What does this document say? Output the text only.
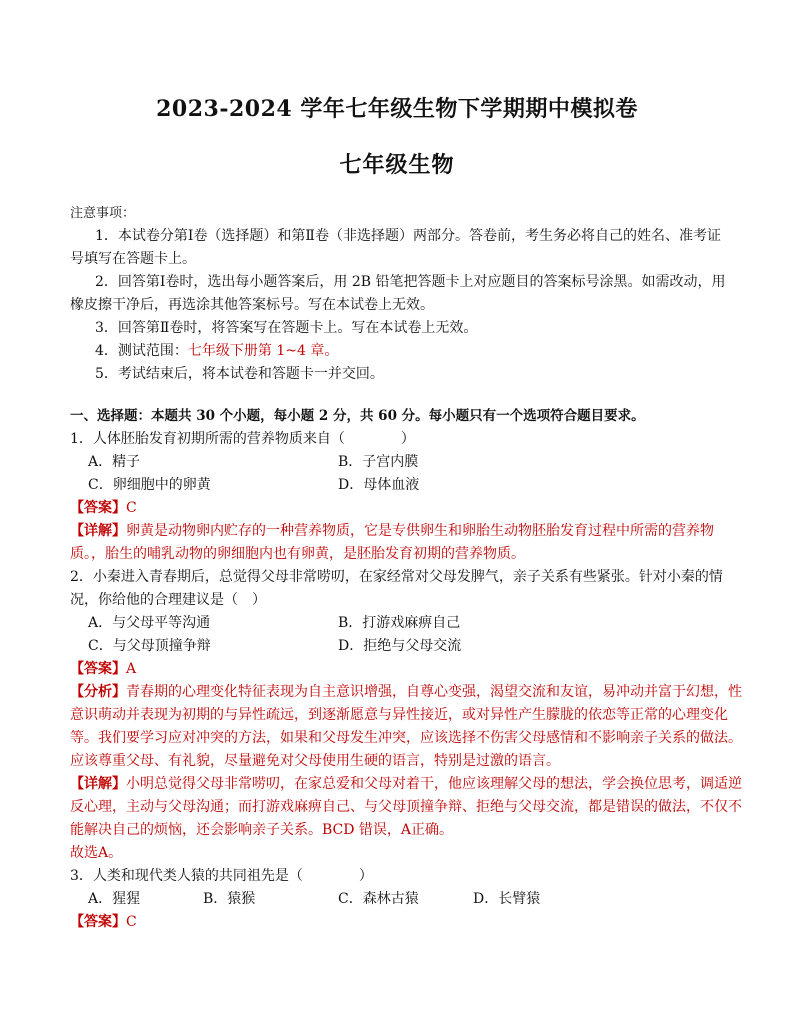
2023-2024 学年七年级生物下学期期中模拟卷
七年级生物
注意事项：
1．本试卷分第Ⅰ卷（选择题）和第Ⅱ卷（非选择题）两部分。答卷前，考生务必将自己的姓名、准考证
号填写在答题卡上。
2．回答第Ⅰ卷时，选出每小题答案后，用 2B 铅笔把答题卡上对应题目的答案标号涂黑。如需改动，用
橡皮擦干净后，再选涂其他答案标号。写在本试卷上无效。
3．回答第Ⅱ卷时，将答案写在答题卡上。写在本试卷上无效。
4．测试范围：七年级下册第 1~4 章。
5．考试结束后，将本试卷和答题卡一并交回。
一、选择题：本题共 30 个小题，每小题 2 分，共 60 分。每小题只有一个选项符合题目要求。
1．人体胚胎发育初期所需的营养物质来自（　　　　）
A．精子	B．子宫内膜
C．卵细胞中的卵黄	D．母体血液
【答案】C
【详解】卵黄是动物卵内贮存的一种营养物质，它是专供卵生和卵胎生动物胚胎发育过程中所需的营养物
质。，胎生的哺乳动物的卵细胞内也有卵黄，是胚胎发育初期的营养物质。
2．小秦进入青春期后，总觉得父母非常唠叨，在家经常对父母发脾气，亲子关系有些紧张。针对小秦的情
况，你给他的合理建议是（　）
A．与父母平等沟通	B．打游戏麻痹自己
C．与父母顶撞争辩	D．拒绝与父母交流
【答案】A
【分析】青春期的心理变化特征表现为自主意识增强，自尊心变强，渴望交流和友谊，易冲动并富于幻想，性
意识萌动并表现为初期的与异性疏远，到逐渐愿意与异性接近，或对异性产生朦胧的依恋等正常的心理变化
等。我们要学习应对冲突的方法，如果和父母发生冲突，应该选择不伤害父母感情和不影响亲子关系的做法。
应该尊重父母、有礼貌，尽量避免对父母使用生硬的语言，特别是过激的语言。
【详解】小明总觉得父母非常唠叨，在家总爱和父母对着干，他应该理解父母的想法，学会换位思考，调适逆
反心理，主动与父母沟通；而打游戏麻痹自己、与父母顶撞争辩、拒绝与父母交流，都是错误的做法，不仅不
能解决自己的烦恼，还会影响亲子关系。BCD 错误，A正确。
故选A。
3．人类和现代类人猿的共同祖先是（　　　　）
A．猩猩	B．猿猴	C．森林古猿	D．长臂猿
【答案】C
